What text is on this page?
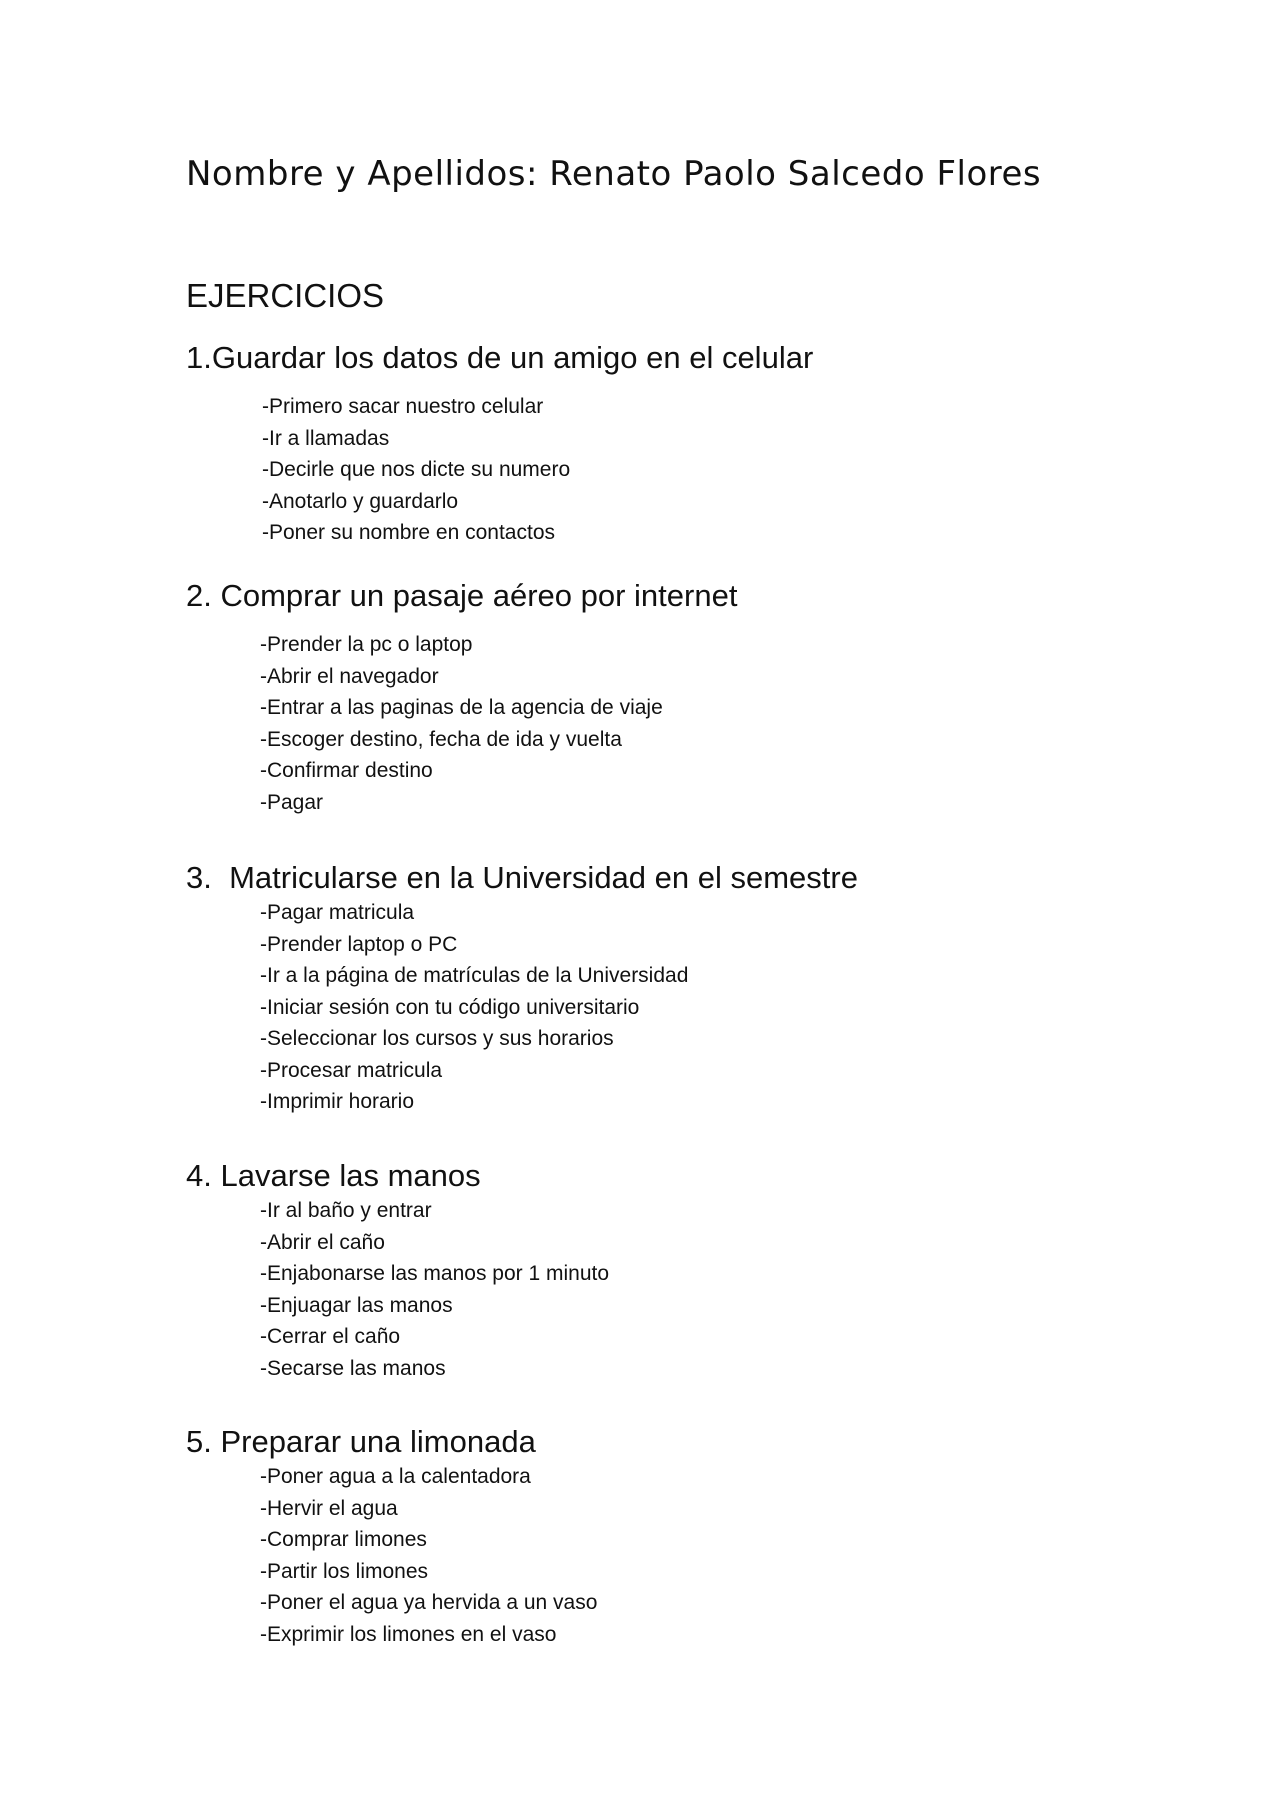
Nombre y Apellidos: Renato Paolo Salcedo Flores
EJERCICIOS

1.Guardar los datos de un amigo en el celular

-Primero sacar nuestro celular
-Ir a llamadas
-Decirle que nos dicte su numero
-Anotarlo y guardarlo
-Poner su nombre en contactos

2. Comprar un pasaje aéreo por internet

-Prender la pc o laptop
-Abrir el navegador
-Entrar a las paginas de la agencia de viaje
-Escoger destino, fecha de ida y vuelta
-Confirmar destino
-Pagar

3.  Matricularse en la Universidad en el semestre

-Pagar matricula
-Prender laptop o PC
-Ir a la página de matrículas de la Universidad
-Iniciar sesión con tu código universitario
-Seleccionar los cursos y sus horarios
-Procesar matricula
-Imprimir horario

4. Lavarse las manos

-Ir al baño y entrar
-Abrir el caño
-Enjabonarse las manos por 1 minuto
-Enjuagar las manos
-Cerrar el caño
-Secarse las manos

5. Preparar una limonada

-Poner agua a la calentadora
-Hervir el agua
-Comprar limones
-Partir los limones
-Poner el agua ya hervida a un vaso
-Exprimir los limones en el vaso
